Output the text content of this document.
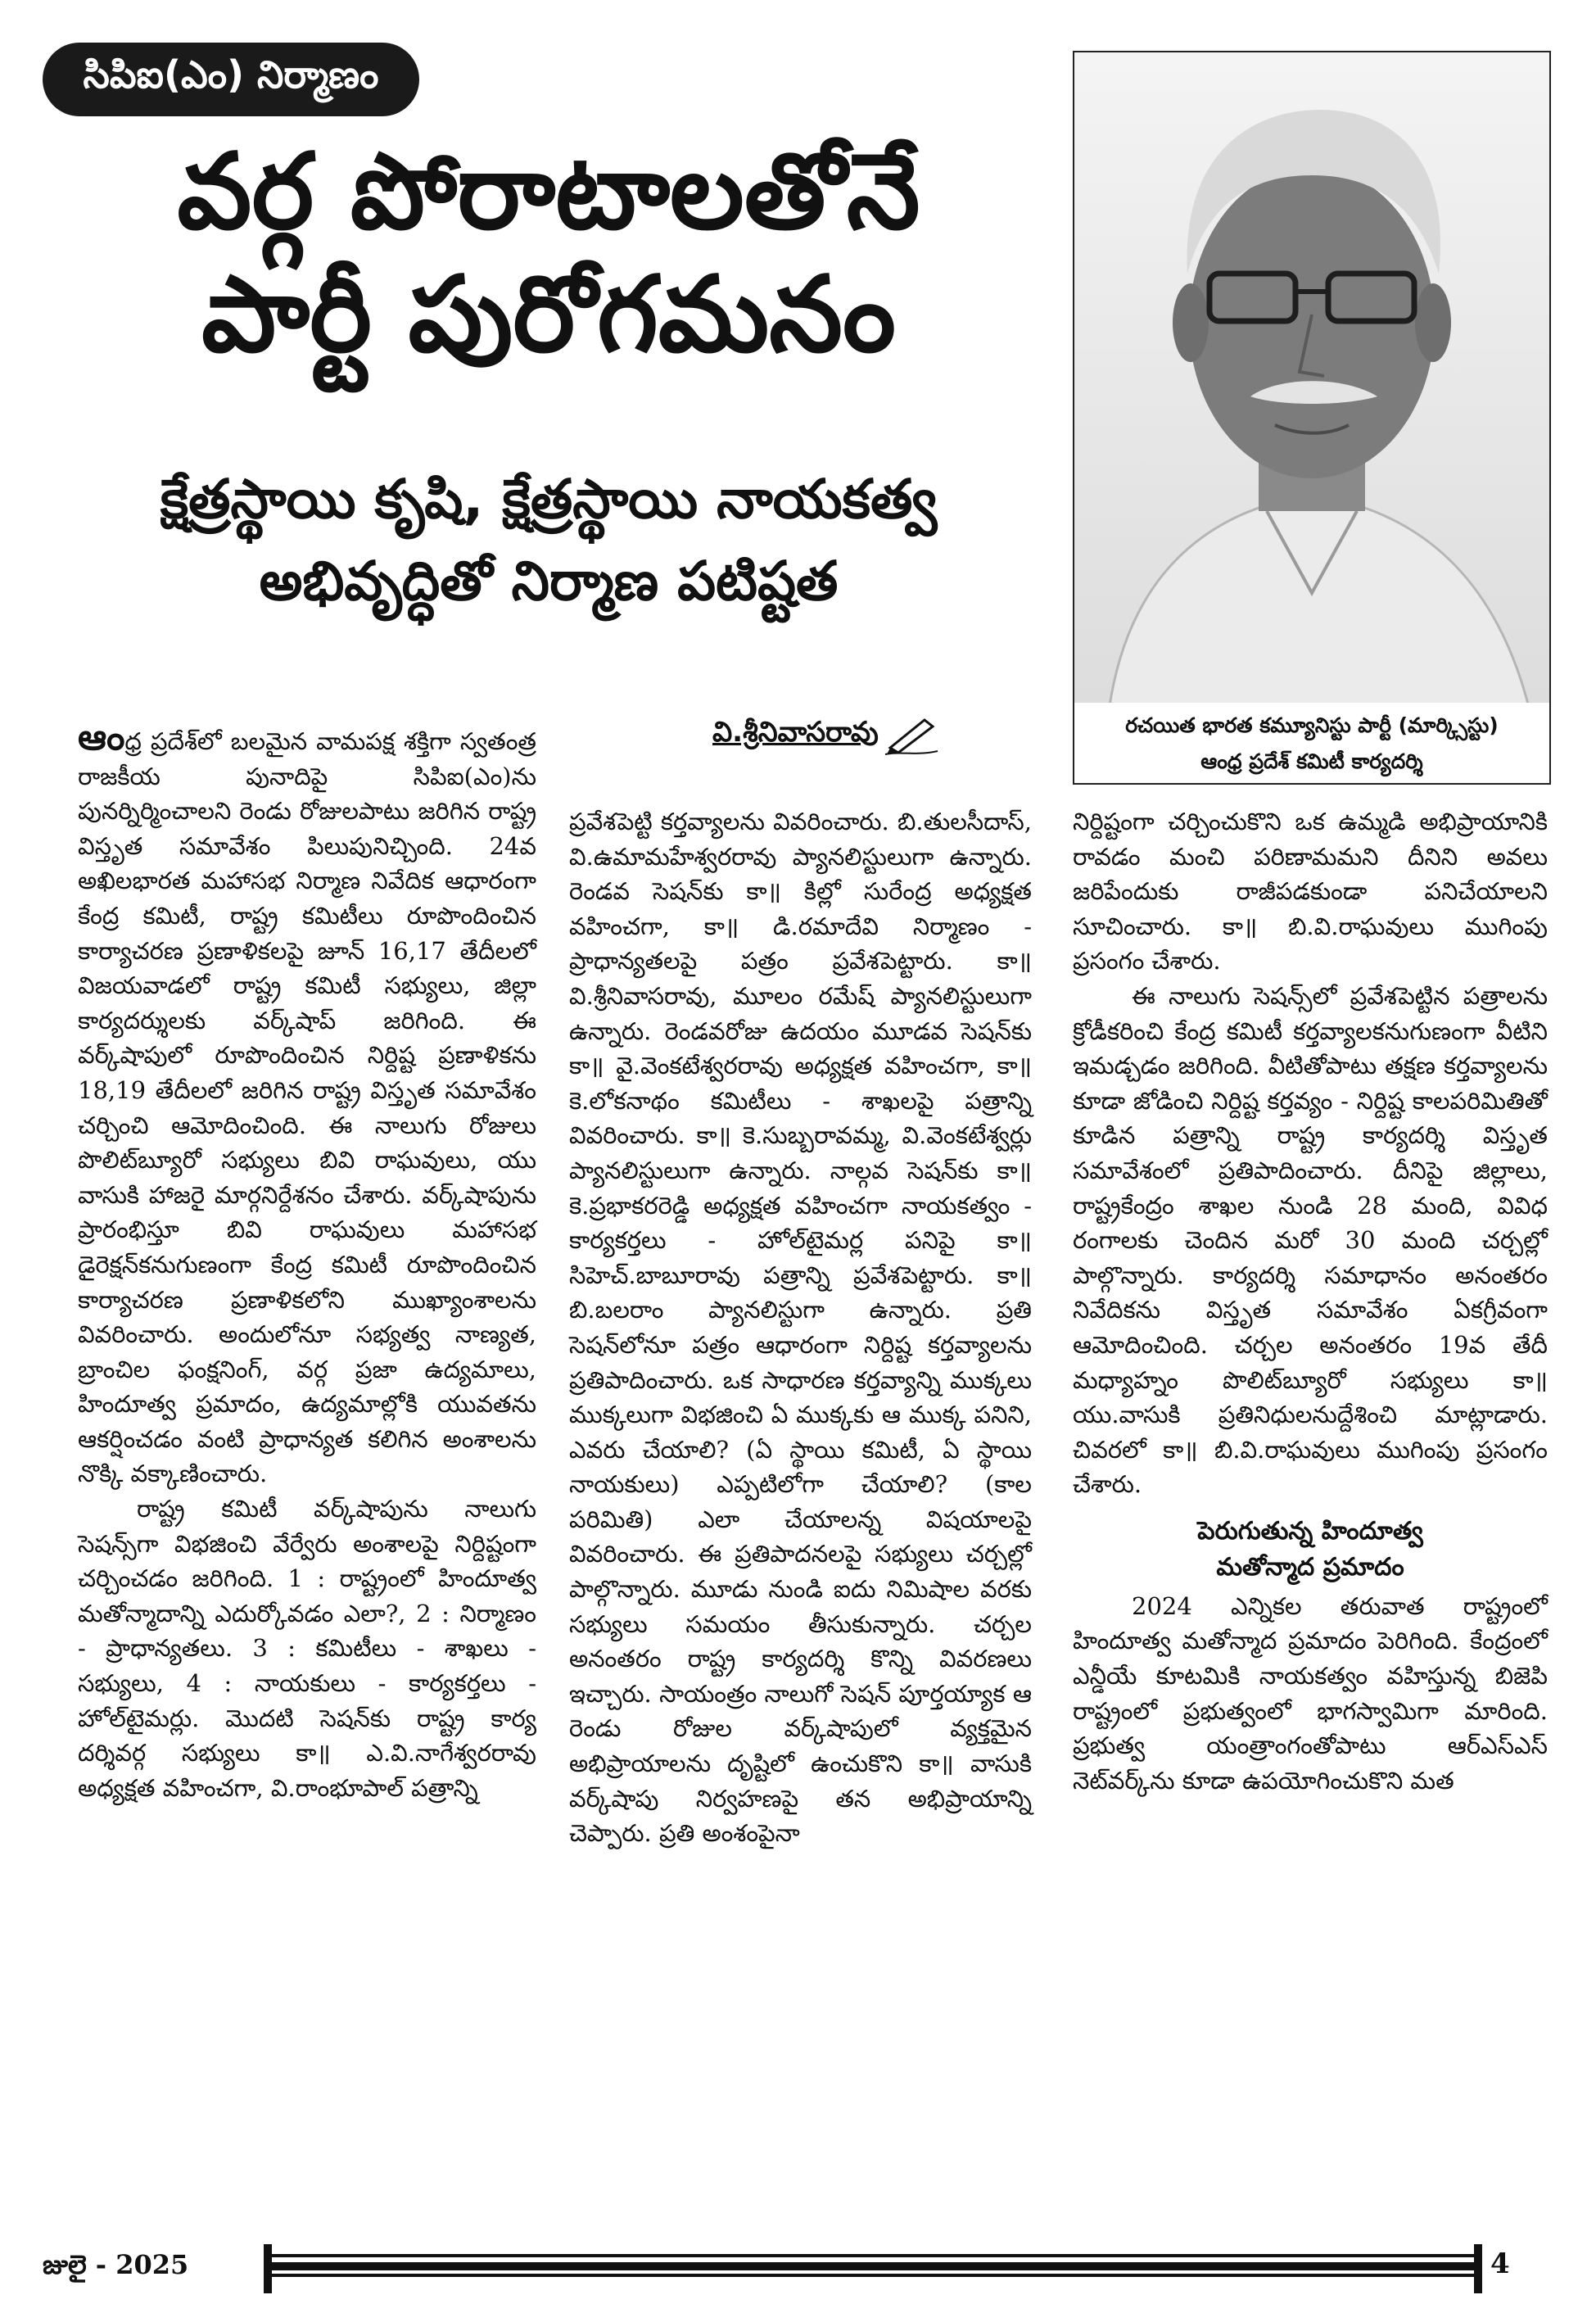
సిపిఐ(ఎం) నిర్మాణం
వర్గ పోరాటాలతోనే
పార్టీ పురోగమనం
క్షేత్రస్థాయి కృషి, క్షేత్రస్థాయి నాయకత్వ
అభివృద్ధితో నిర్మాణ పటిష్టత
రచయిత భారత కమ్యూనిస్టు పార్టీ (మార్క్సిస్టు)
ఆంధ్ర ప్రదేశ్ కమిటీ కార్యదర్శి
వి.శ్రీనివాసరావు

ఆంధ్ర ప్రదేశ్‌లో బలమైన వామపక్ష శక్తిగా స్వతంత్ర రాజకీయ పునాదిపై సిపిఐ(ఎం)ను పునర్నిర్మించాలని రెండు రోజులపాటు జరిగిన రాష్ట్ర విస్తృత సమావేశం పిలుపునిచ్చింది. 24వ అఖిలభారత మహాసభ నిర్మాణ నివేదిక ఆధారంగా కేంద్ర కమిటీ, రాష్ట్ర కమిటీలు రూపొందించిన కార్యాచరణ ప్రణాళికలపై జూన్ 16,17 తేదీలలో విజయవాడలో రాష్ట్ర కమిటీ సభ్యులు, జిల్లా కార్యదర్శులకు వర్క్‌షాప్ జరిగింది. ఈ వర్క్‌షాపులో రూపొందించిన నిర్దిష్ట ప్రణాళికను 18,19 తేదీలలో జరిగిన రాష్ట్ర విస్తృత సమావేశం చర్చించి ఆమోదించింది. ఈ నాలుగు రోజులు పొలిట్‌బ్యూరో సభ్యులు బివి రాఘవులు, యు వాసుకి హాజరై మార్గనిర్దేశనం చేశారు. వర్క్‌షాపును ప్రారంభిస్తూ బివి రాఘవులు మహాసభ డైరెక్షన్‌కనుగుణంగా కేంద్ర కమిటీ రూపొందించిన కార్యాచరణ ప్రణాళికలోని ముఖ్యాంశాలను వివరించారు. అందులోనూ సభ్యత్వ నాణ్యత, బ్రాంచిల ఫంక్షనింగ్, వర్గ ప్రజా ఉద్యమాలు, హిందూత్వ ప్రమాదం, ఉద్యమాల్లోకి యువతను ఆకర్షించడం వంటి ప్రాధాన్యత కలిగిన అంశాలను నొక్కి వక్కాణించారు.

రాష్ట్ర కమిటీ వర్క్‌షాపును నాలుగు సెషన్స్‌గా విభజించి వేర్వేరు అంశాలపై నిర్దిష్టంగా చర్చించడం జరిగింది. 1 : రాష్ట్రంలో హిందూత్వ మతోన్మాదాన్ని ఎదుర్కోవడం ఎలా?, 2 : నిర్మాణం - ప్రాధాన్యతలు. 3 : కమిటీలు - శాఖలు - సభ్యులు, 4 : నాయకులు - కార్యకర్తలు - హోల్‌టైమర్లు. మొదటి సెషన్‌కు రాష్ట్ర కార్య దర్శివర్గ సభ్యులు కా॥ ఎ.వి.నాగేశ్వరరావు అధ్యక్షత వహించగా, వి.రాంభూపాల్ పత్రాన్ని

ప్రవేశపెట్టి కర్తవ్యాలను వివరించారు. బి.తులసీదాస్, వి.ఉమామహేశ్వరరావు ప్యానలిస్టులుగా ఉన్నారు. రెండవ సెషన్‌కు కా॥ కిల్లో సురేంద్ర అధ్యక్షత వహించగా, కా॥ డి.రమాదేవి నిర్మాణం - ప్రాధాన్యతలపై పత్రం ప్రవేశపెట్టారు. కా॥ వి.శ్రీనివాసరావు, మూలం రమేష్ ప్యానలిస్టులుగా ఉన్నారు. రెండవరోజు ఉదయం మూడవ సెషన్‌కు కా॥ వై.వెంకటేశ్వరరావు అధ్యక్షత వహించగా, కా॥ కె.లోకనాథం కమిటీలు - శాఖలపై పత్రాన్ని వివరించారు. కా॥ కె.సుబ్బరావమ్మ, వి.వెంకటేశ్వర్లు ప్యానలిస్టులుగా ఉన్నారు. నాల్గవ సెషన్‌కు కా॥ కె.ప్రభాకరరెడ్డి అధ్యక్షత వహించగా నాయకత్వం - కార్యకర్తలు - హోల్‌టైమర్ల పనిపై కా॥ సిహెచ్.బాబూరావు పత్రాన్ని ప్రవేశపెట్టారు. కా॥ బి.బలరాం ప్యానలిస్టుగా ఉన్నారు. ప్రతి సెషన్‌లోనూ పత్రం ఆధారంగా నిర్దిష్ట కర్తవ్యాలను ప్రతిపాదించారు. ఒక సాధారణ కర్తవ్యాన్ని ముక్కలు ముక్కలుగా విభజించి ఏ ముక్కకు ఆ ముక్క పనిని, ఎవరు చేయాలి? (ఏ స్థాయి కమిటీ, ఏ స్థాయి నాయకులు) ఎప్పటిలోగా చేయాలి? (కాల పరిమితి) ఎలా చేయాలన్న విషయాలపై వివరించారు. ఈ ప్రతిపాదనలపై సభ్యులు చర్చల్లో పాల్గొన్నారు. మూడు నుండి ఐదు నిమిషాల వరకు సభ్యులు సమయం తీసుకున్నారు. చర్చల అనంతరం రాష్ట్ర కార్యదర్శి కొన్ని వివరణలు ఇచ్చారు. సాయంత్రం నాలుగో సెషన్ పూర్తయ్యాక ఆ రెండు రోజుల వర్క్‌షాపులో వ్యక్తమైన అభిప్రాయాలను దృష్టిలో ఉంచుకొని కా॥ వాసుకి వర్క్‌షాపు నిర్వహణపై తన అభిప్రాయాన్ని చెప్పారు. ప్రతి అంశంపైనా

నిర్దిష్టంగా చర్చించుకొని ఒక ఉమ్మడి అభిప్రాయానికి రావడం మంచి పరిణామమని దీనిని అవలు జరిపేందుకు రాజీపడకుండా పనిచేయాలని సూచించారు. కా॥ బి.వి.రాఘవులు ముగింపు ప్రసంగం చేశారు.

ఈ నాలుగు సెషన్స్‌లో ప్రవేశపెట్టిన పత్రాలను క్రోడీకరించి కేంద్ర కమిటీ కర్తవ్యాలకనుగుణంగా వీటిని ఇమడ్చడం జరిగింది. వీటితోపాటు తక్షణ కర్తవ్యాలను కూడా జోడించి నిర్దిష్ట కర్తవ్యం - నిర్దిష్ట కాలపరిమితితో కూడిన పత్రాన్ని రాష్ట్ర కార్యదర్శి విస్తృత సమావేశంలో ప్రతిపాదించారు. దీనిపై జిల్లాలు, రాష్ట్రకేంద్రం శాఖల నుండి 28 మంది, వివిధ రంగాలకు చెందిన మరో 30 మంది చర్చల్లో పాల్గొన్నారు. కార్యదర్శి సమాధానం అనంతరం నివేదికను విస్తృత సమావేశం ఏకగ్రీవంగా ఆమోదించింది. చర్చల అనంతరం 19వ తేదీ మధ్యాహ్నం పొలిట్‌బ్యూరో సభ్యులు కా॥ యు.వాసుకి ప్రతినిధులనుద్దేశించి మాట్లాడారు. చివరలో కా॥ బి.వి.రాఘవులు ముగింపు ప్రసంగం చేశారు.

పెరుగుతున్న హిందూత్వ
మతోన్మాద ప్రమాదం

2024 ఎన్నికల తరువాత రాష్ట్రంలో హిందూత్వ మతోన్మాద ప్రమాదం పెరిగింది. కేంద్రంలో ఎన్డీయే కూటమికి నాయకత్వం వహిస్తున్న బిజెపి రాష్ట్రంలో ప్రభుత్వంలో భాగస్వామిగా మారింది. ప్రభుత్వ యంత్రాంగంతోపాటు ఆర్‌ఎస్ఎస్ నెట్‌వర్క్‌ను కూడా ఉపయోగించుకొని మత

జులై - 2025	4
